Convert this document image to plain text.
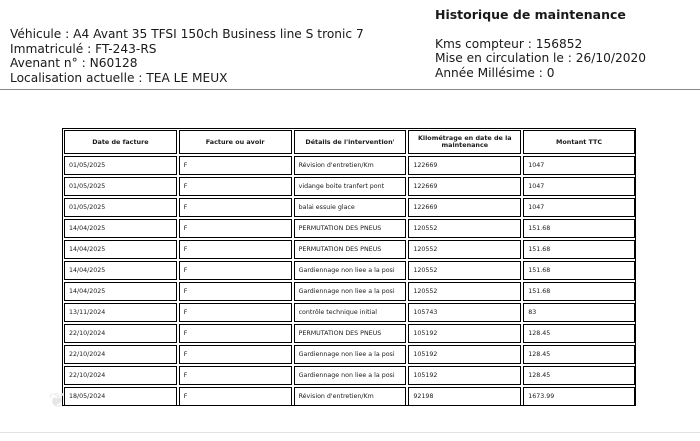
Véhicule : A4 Avant 35 TFSI 150ch Business line S tronic 7
Immatriculé : FT-243-RS
Avenant n° : N60128
Localisation actuelle : TEA LE MEUX
Historique de maintenance
Kms compteur : 156852
Mise en circulation le : 26/10/2020
Année Millésime : 0
Date de facture	Facture ou avoir	Détails de l'intervention'	Kilométrage en date de la maintenance	Montant TTC
01/05/2025	F	Révision d'entretien/Km	122669	1047
01/05/2025	F	vidange boite tranfert pont	122669	1047
01/05/2025	F	balai essuie glace	122669	1047
14/04/2025	F	PERMUTATION DES PNEUS	120552	151.68
14/04/2025	F	PERMUTATION DES PNEUS	120552	151.68
14/04/2025	F	Gardiennage non liee a la posi	120552	151.68
14/04/2025	F	Gardiennage non liee a la posi	120552	151.68
13/11/2024	F	contrôle technique initial	105743	83
22/10/2024	F	PERMUTATION DES PNEUS	105192	128.45
22/10/2024	F	Gardiennage non liee a la posi	105192	128.45
22/10/2024	F	Gardiennage non liee a la posi	105192	128.45
18/05/2024	F	Révision d'entretien/Km	92198	1673.99
❦
